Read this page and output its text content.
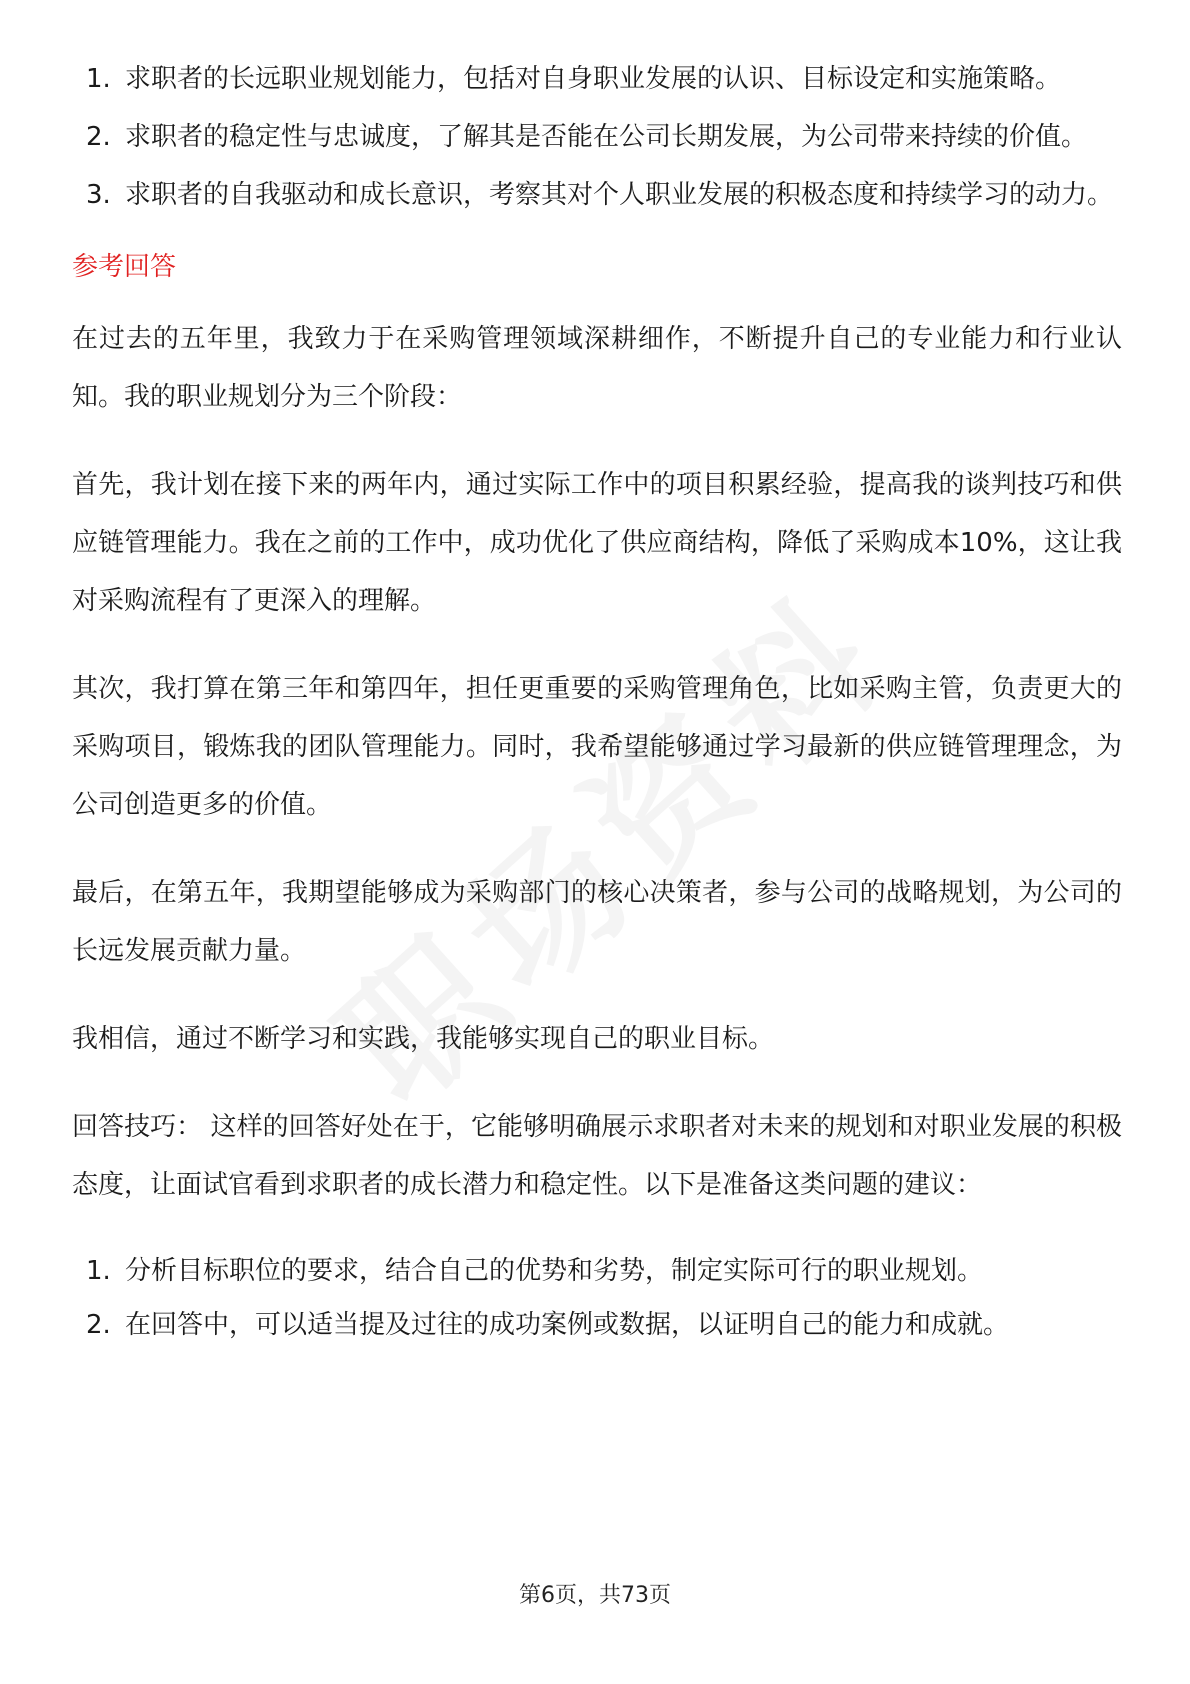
1. 求职者的长远职业规划能力，包括对自身职业发展的认识、目标设定和实施策略。
2. 求职者的稳定性与忠诚度，了解其是否能在公司长期发展，为公司带来持续的价值。
3. 求职者的自我驱动和成长意识，考察其对个人职业发展的积极态度和持续学习的动力。
参考回答

在过去的五年里，我致力于在采购管理领域深耕细作，不断提升自己的专业能力和行业认知。我的职业规划分为三个阶段：

首先，我计划在接下来的两年内，通过实际工作中的项目积累经验，提高我的谈判技巧和供应链管理能力。我在之前的工作中，成功优化了供应商结构，降低了采购成本10%，这让我对采购流程有了更深入的理解。

其次，我打算在第三年和第四年，担任更重要的采购管理角色，比如采购主管，负责更大的采购项目，锻炼我的团队管理能力。同时，我希望能够通过学习最新的供应链管理理念，为公司创造更多的价值。

最后，在第五年，我期望能够成为采购部门的核心决策者，参与公司的战略规划，为公司的长远发展贡献力量。

我相信，通过不断学习和实践，我能够实现自己的职业目标。

回答技巧： 这样的回答好处在于，它能够明确展示求职者对未来的规划和对职业发展的积极态度，让面试官看到求职者的成长潜力和稳定性。以下是准备这类问题的建议：

1. 分析目标职位的要求，结合自己的优势和劣势，制定实际可行的职业规划。
2. 在回答中，可以适当提及过往的成功案例或数据，以证明自己的能力和成就。
第6页，共73页
